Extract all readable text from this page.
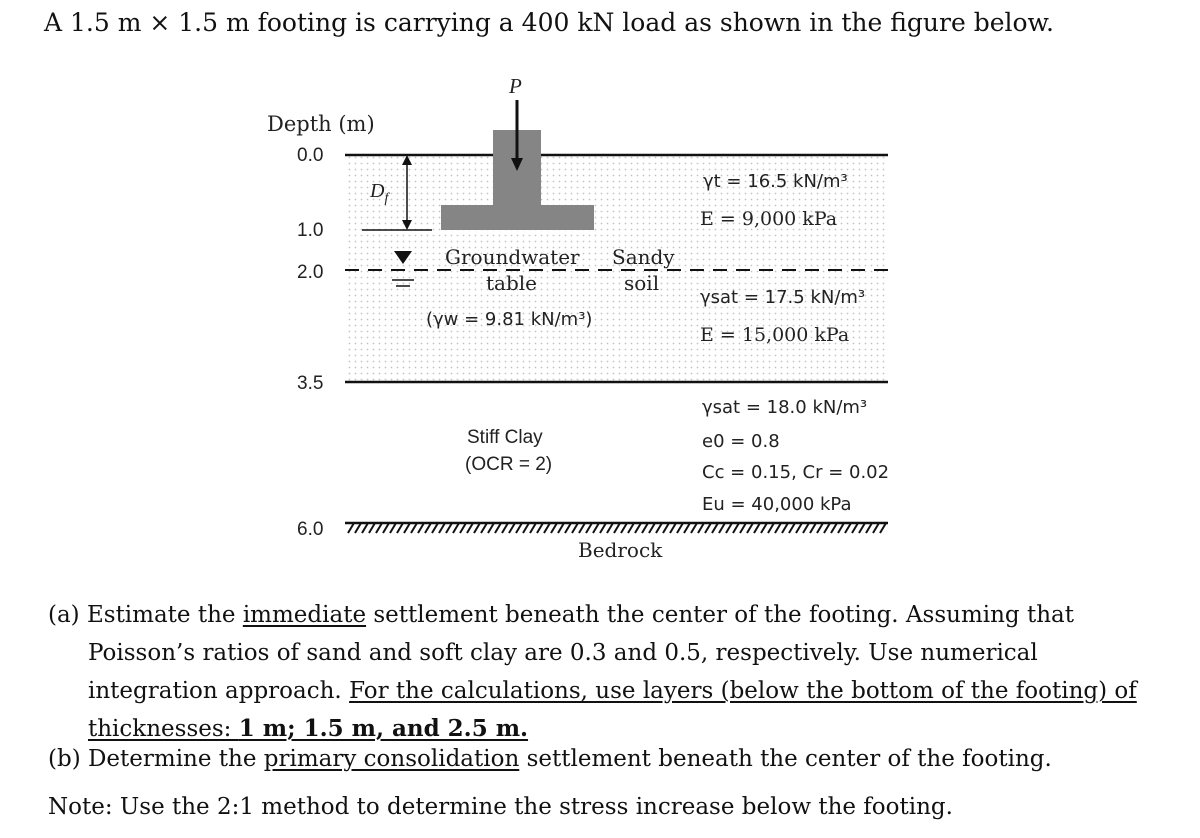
A 1.5 m × 1.5 m footing is carrying a 400 kN load as shown in the figure below.
P
Depth (m)
0.0
1.0
2.0
3.5
6.0
$D_f$
Groundwater
table
(γw = 9.81 kN/m³)
Sandy
soil
γt = 16.5 kN/m³
E = 9,000 kPa
γsat = 17.5 kN/m³
E = 15,000 kPa
Stiff Clay
(OCR = 2)
γsat = 18.0 kN/m³
e0 = 0.8
Cc = 0.15, Cr = 0.02
Eu = 40,000 kPa
Bedrock
(a) Estimate the immediate settlement beneath the center of the footing. Assuming that Poisson’s ratios of sand and soft clay are 0.3 and 0.5, respectively. Use numerical integration approach. For the calculations, use layers (below the bottom of the footing) of thicknesses: 1 m; 1.5 m, and 2.5 m.
(b) Determine the primary consolidation settlement beneath the center of the footing.
Note: Use the 2:1 method to determine the stress increase below the footing.
